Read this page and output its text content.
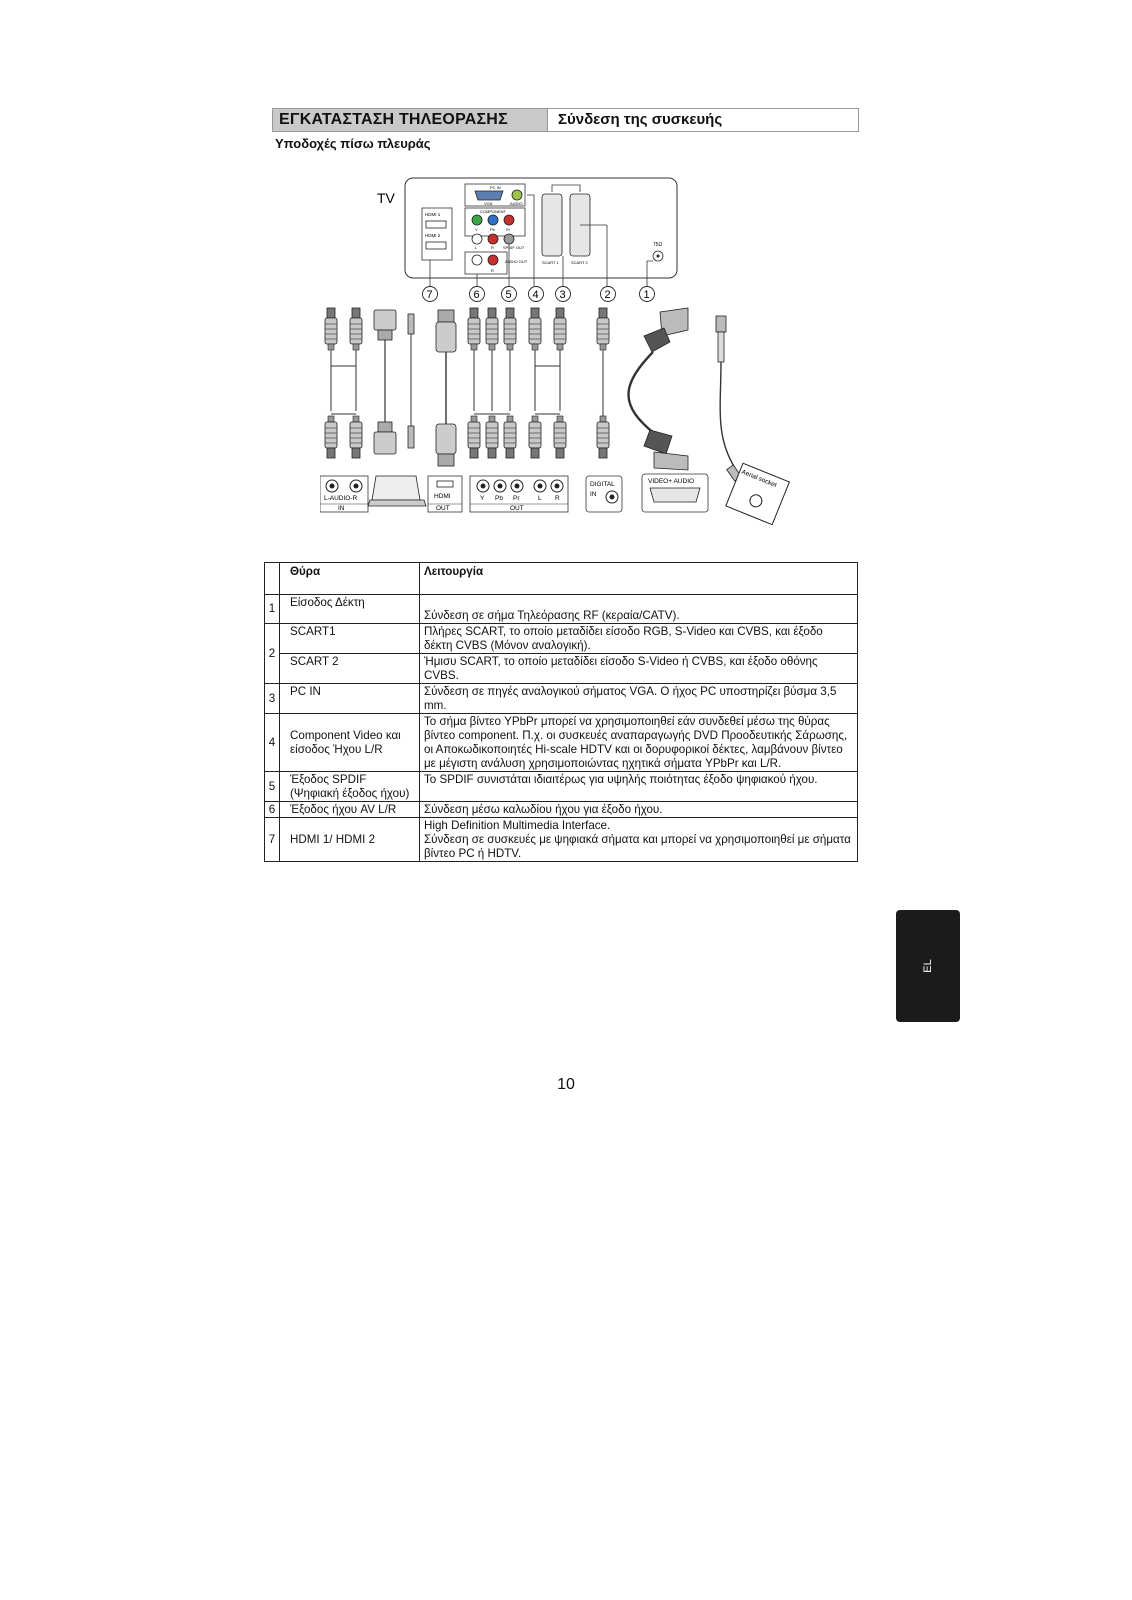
ΕΓΚΑΤΑΣΤΑΣΗ ΤΗΛΕΟΡΑΣΗΣ	Σύνδεση της συσκευής
Υποδοχές πίσω πλευράς
TV
HDMI 1
HDMI 2
PC IN
VGA	AUDIO
COMPONENT
Y	Pb	Pr
L	R SPDIF OUT
AUDIO OUT
R
SCART 1	SCART 2
75Ω
7	6 5 4 3	2	1
L-AUDIO-R
IN
HDMI
OUT
Y Pb Pr	L R
OUT
DIGITAL
IN
VIDEO+ AUDIO	Aerial socket
	Θύρα	Λειτουργία
1	Είσοδος Δέκτη	Σύνδεση σε σήμα Τηλεόρασης RF (κεραία/CATV).
2	SCART1	Πλήρες SCART, το οποίο μεταδίδει είσοδο RGB, S-Video και CVBS, και έξοδο δέκτη CVBS (Μόνον αναλογική).
	SCART 2	Ήμισυ SCART, το οποίο μεταδίδει είσοδο S-Video ή CVBS, και έξοδο οθόνης CVBS.
3	PC IN	Σύνδεση σε πηγές αναλογικού σήματος VGA. Ο ήχος PC υποστηρίζει βύσμα 3,5 mm.
4	Component Video και είσοδος Ήχου L/R	Το σήμα βίντεο YPbPr μπορεί να χρησιμοποιηθεί εάν συνδεθεί μέσω της θύρας βίντεο component. Π.χ. οι συσκευές αναπαραγωγής DVD Προοδευτικής Σάρωσης, οι Αποκωδικοποιητές Hi-scale HDTV και οι δορυφορικοί δέκτες, λαμβάνουν βίντεο με μέγιστη ανάλυση χρησιμοποιώντας ηχητικά σήματα YPbPr και L/R.
5	Έξοδος SPDIF (Ψηφιακή έξοδος ήχου)	Το SPDIF συνιστάται ιδιαιτέρως για υψηλής ποιότητας έξοδο ψηφιακού ήχου.
6	Έξοδος ήχου AV L/R	Σύνδεση μέσω καλωδίου ήχου για έξοδο ήχου.
7	HDMI 1/ HDMI 2	High Definition Multimedia Interface.
Σύνδεση σε συσκευές με ψηφιακά σήματα και μπορεί να χρησιμοποιηθεί με σήματα βίντεο PC ή HDTV.
EL
10
